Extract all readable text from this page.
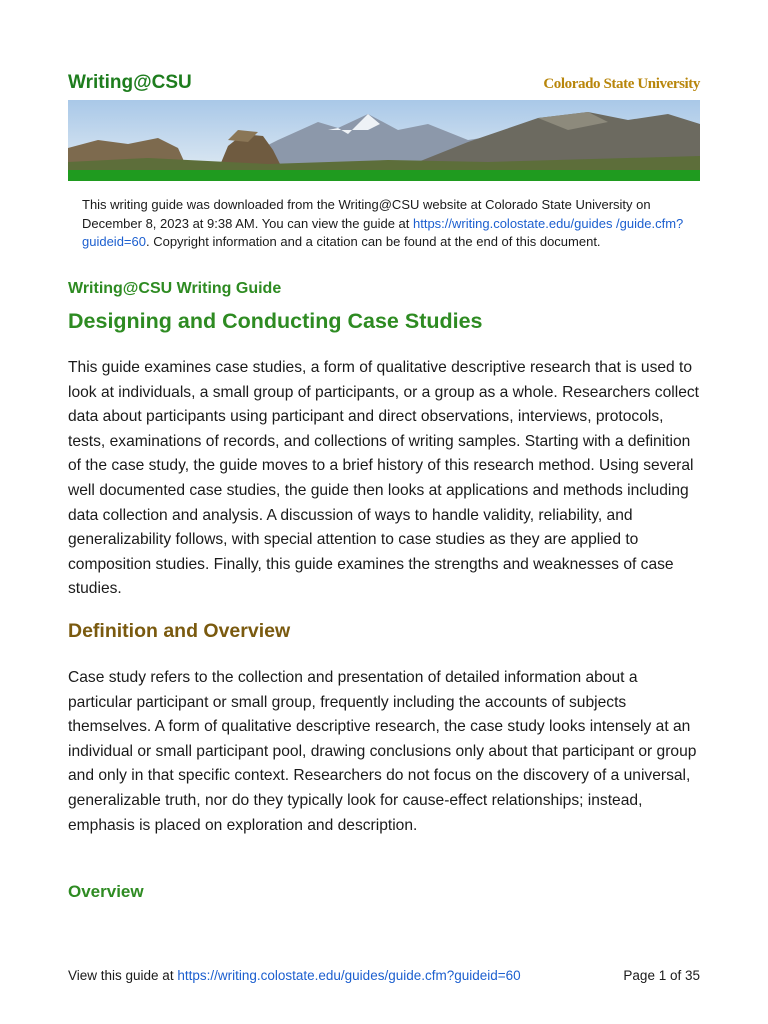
Writing@CSU	Colorado State University
This writing guide was downloaded from the Writing@CSU website at Colorado State University on December 8, 2023 at 9:38 AM. You can view the guide at https://writing.colostate.edu/guides /guide.cfm?guideid=60. Copyright information and a citation can be found at the end of this document.
Writing@CSU Writing Guide
Designing and Conducting Case Studies

This guide examines case studies, a form of qualitative descriptive research that is used to look at individuals, a small group of participants, or a group as a whole. Researchers collect data about participants using participant and direct observations, interviews, protocols, tests, examinations of records, and collections of writing samples. Starting with a definition of the case study, the guide moves to a brief history of this research method. Using several well documented case studies, the guide then looks at applications and methods including data collection and analysis. A discussion of ways to handle validity, reliability, and generalizability follows, with special attention to case studies as they are applied to composition studies. Finally, this guide examines the strengths and weaknesses of case studies.

Definition and Overview

Case study refers to the collection and presentation of detailed information about a particular participant or small group, frequently including the accounts of subjects themselves. A form of qualitative descriptive research, the case study looks intensely at an individual or small participant pool, drawing conclusions only about that participant or group and only in that specific context. Researchers do not focus on the discovery of a universal, generalizable truth, nor do they typically look for cause-effect relationships; instead, emphasis is placed on exploration and description.

Overview
View this guide at https://writing.colostate.edu/guides/guide.cfm?guideid=60	Page 1 of 35
